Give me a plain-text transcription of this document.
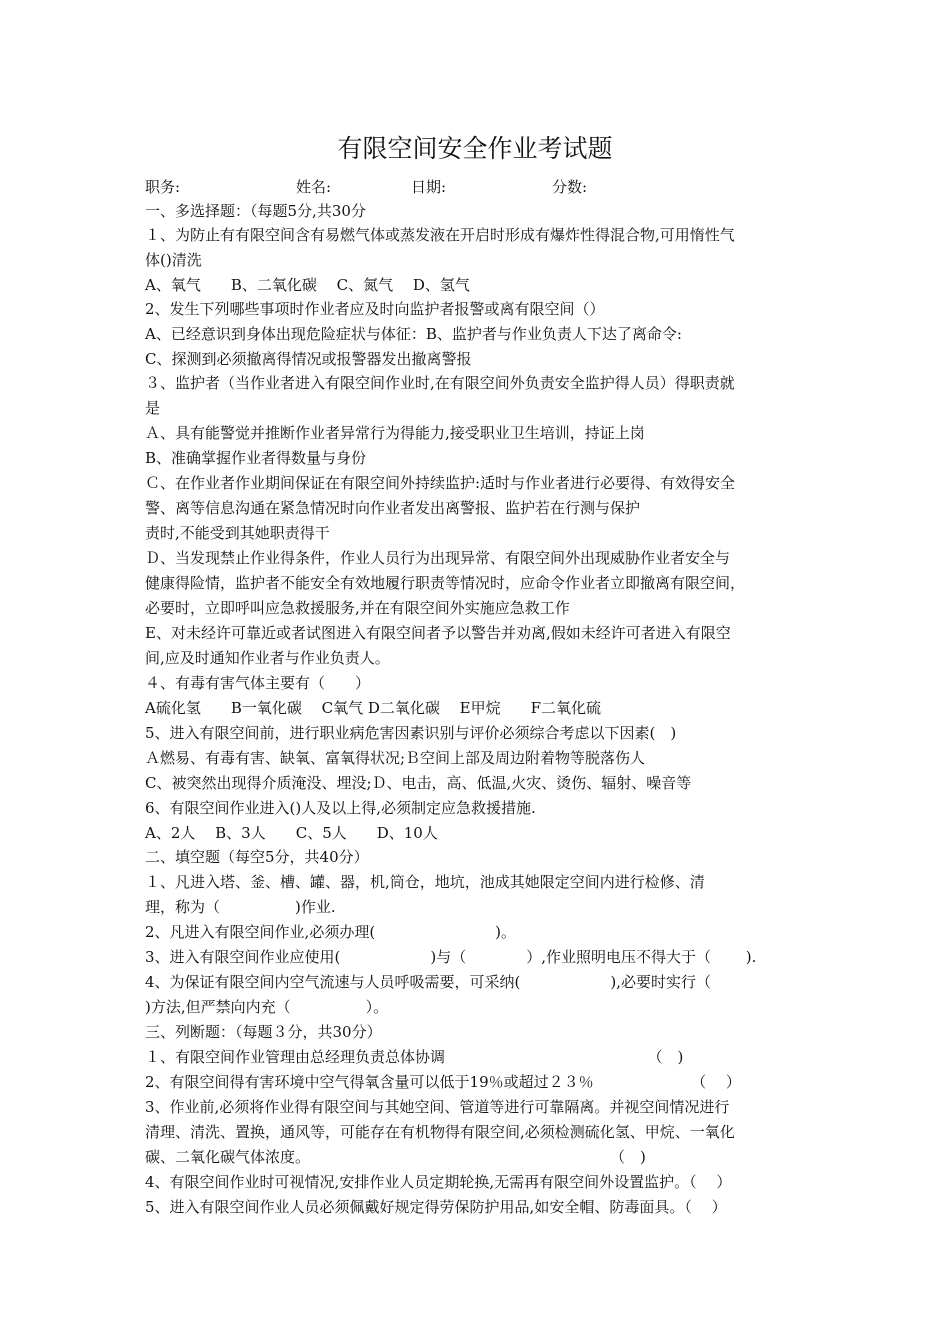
有限空间安全作业考试题
职务:	姓名:	日期:	分数:
一、多选择题：（每题5分,共30分
１、为防止有有限空间含有易燃气体或蒸发液在开启时形成有爆炸性得混合物,可用惰性气
体()清洗
A、氧气　　B、二氧化碳　 C、氮气　 D、氢气
2、发生下列哪些事项时作业者应及时向监护者报警或离有限空间（）
A、已经意识到身体出现危险症状与体征：B、监护者与作业负责人下达了离命令:
C、探测到必须撤离得情况或报警器发出撤离警报
３、监护者（当作业者进入有限空间作业时,在有限空间外负责安全监护得人员）得职责就
是
Ａ、具有能警觉并推断作业者异常行为得能力,接受职业卫生培训，持证上岗
B、准确掌握作业者得数量与身份
Ｃ、在作业者作业期间保证在有限空间外持续监护:适时与作业者进行必要得、有效得安全
警、离等信息沟通在紧急情况时向作业者发出离警报、监护若在行测与保护
责时,不能受到其她职责得干
Ｄ、当发现禁止作业得条件，作业人员行为出现异常、有限空间外出现威胁作业者安全与
健康得险情，监护者不能安全有效地履行职责等情况时，应命令作业者立即撤离有限空间，
必要时，立即呼叫应急救援服务,并在有限空间外实施应急救工作
E、对未经许可靠近或者试图进入有限空间者予以警告并劝离,假如未经许可者进入有限空
间,应及时通知作业者与作业负责人。
４、有毒有害气体主要有（　　）
A硫化氢　　B一氧化碳　 C氧气 D二氧化碳　 E甲烷　　F二氧化硫
5、进入有限空间前，进行职业病危害因素识别与评价必须综合考虑以下因素(　)
Ａ燃易、有毒有害、缺氧、富氧得状况;Ｂ空间上部及周边附着物等脱落伤人
C、被突然出现得介质淹没、埋没;Ｄ、电击，高、低温,火灾、烫伤、辐射、噪音等
6、有限空间作业进入()人及以上得,必须制定应急救援措施.
A、2人　 B、3人　　C、5人　　D、10人
二、填空题（每空5分，共40分）
１、凡进入塔、釜、槽、罐、器，机,筒仓，地坑，池成其她限定空间内进行检修、清
理，称为（　　　　　)作业.
2、凡进入有限空间作业,必须办理(　　　　　　　　)。
3、进入有限空间作业应使用(　　　　　　)与（　　　　）,作业照明电压不得大于（　　 ).
4、为保证有限空间内空气流速与人员呼吸需要，可采纳(　　　　　　),必要时实行（
)方法,但严禁向内充（　　　　　）。
三、列断题：（每题３分，共30分）
１、有限空间作业管理由总经理负责总体协调　　　　　　　　　　　　　　（　)
2、有限空间得有害环境中空气得氧含量可以低于19％或超过２３％　　　　　　　（　 ）
3、作业前,必须将作业得有限空间与其她空间、管道等进行可靠隔离。并视空间情况进行
清理、清洗、置换，通风等，可能存在有机物得有限空间,必须检测硫化氢、甲烷、一氧化
碳、二氧化碳气体浓度。　　　　　　　　　　　　　　　　　　　　　（　)
4、有限空间作业时可视情况,安排作业人员定期轮换,无需再有限空间外设置监护。（　 ）
5、进入有限空间作业人员必须佩戴好规定得劳保防护用品,如安全帽、防毒面具。（　 ）
